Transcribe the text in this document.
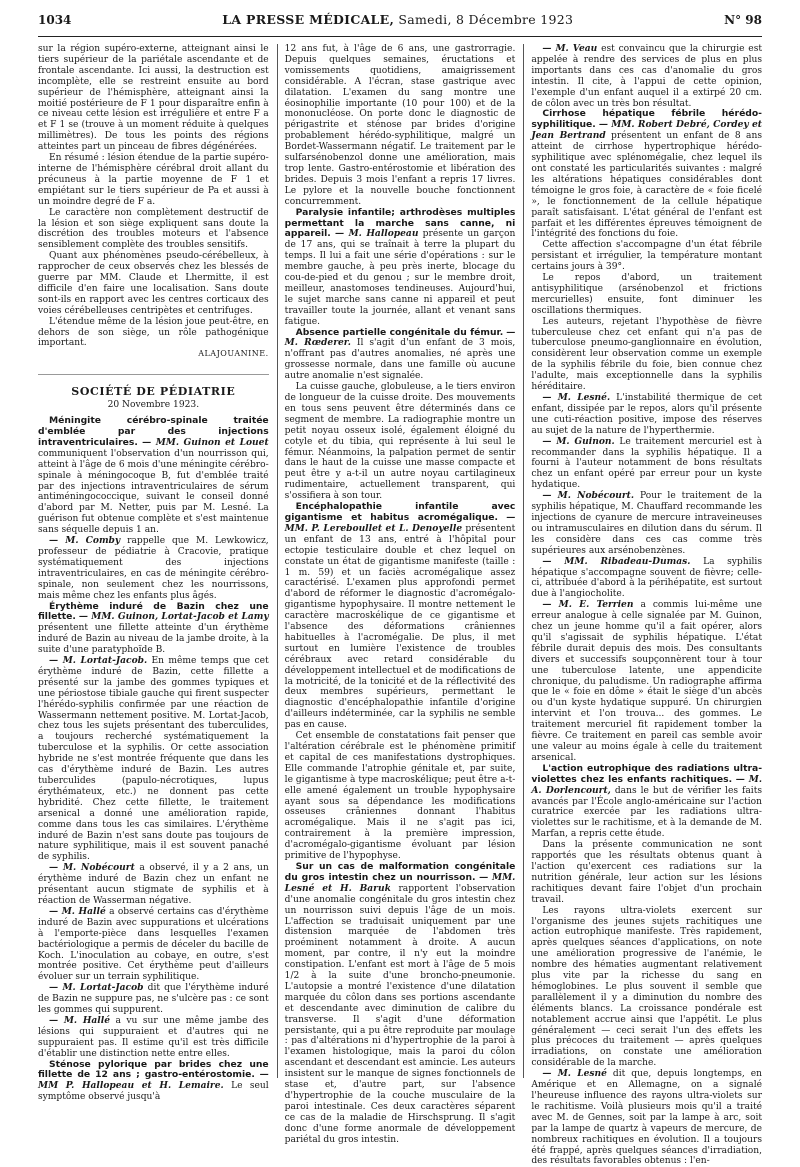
1034	LA PRESSE MÉDICALE, Samedi, 8 Décembre 1923	N° 98

sur la région supéro-externe, atteignant ainsi le tiers supérieur de la pariétale ascendante et de frontale ascendante. Ici aussi, la destruction est incomplète, elle se restreint ensuite au bord supérieur de l'hémisphère, atteignant ainsi la moitié postérieure de F 1 pour disparaître enfin à ce niveau cette lésion est irrégulière et entre F a et F 1 se (trouve à un moment réduite à quelques millimètres). De tous les points des régions atteintes part un pinceau de fibres dégénérées.

En résumé : lésion étendue de la partie supéro-interne de l'hémisphère cérébral droit allant du précuneus à la partie moyenne de F 1 et empiétant sur le tiers supérieur de Pa et aussi à un moindre degré de F a.

Le caractère non complètement destructif de la lésion et son siège expliquent sans doute la discrétion des troubles moteurs et l'absence sensiblement complète des troubles sensitifs.

Quant aux phénomènes pseudo-cérébelleux, à rapprocher de ceux observés chez les blessés de guerre par MM. Claude et Lhermitte, il est difficile d'en faire une localisation. Sans doute sont-ils en rapport avec les centres corticaux des voies cérébelleuses centripètes et centrifuges.

L'étendue même de la lésion joue peut-être, en dehors de son siège, un rôle pathogénique important.

ALAJOUANINE.
SOCIÉTÉ DE PÉDIATRIE
20 Novembre 1923.

Méningite cérébro-spinale traitée d'emblée par des injections intraventriculaires. — MM. Guinon et Louet communiquent l'observation d'un nourrisson qui, atteint à l'âge de 6 mois d'une méningite cérébro-spinale à méningocoque B, fut d'emblée traité par des injections intraventriculaires de sérum antiméningococcique, suivant le conseil donné d'abord par M. Netter, puis par M. Lesné. La guérison fut obtenue complète et s'est maintenue sans séquelle depuis 1 an.

— M. Comby rappelle que M. Lewkowicz, professeur de pédiatrie à Cracovie, pratique systématiquement des injections intraventriculaires, en cas de méningite cérébro-spinale, non seulement chez les nourrissons, mais même chez les enfants plus âgés.

Érythème induré de Bazin chez une fillette. — MM. Guinon, Lortat-Jacob et Lamy présentent une fillette atteinte d'un érythème induré de Bazin au niveau de la jambe droite, à la suite d'une paratyphoïde B.

— M. Lortat-Jacob. En même temps que cet érythème induré de Bazin, cette fillette a présenté sur la jambe des gommes typiques et une périostose tibiale gauche qui firent suspecter l'hérédo-syphilis confirmée par une réaction de Wassermann nettement positive. M. Lortat-Jacob, chez tous les sujets présentant des tuberculides, a toujours recherché systématiquement la tuberculose et la syphilis. Or cette association hybride ne s'est montrée fréquente que dans les cas d'érythème induré de Bazin. Les autres tuberculides (papulo-nécrotiques, lupus érythémateux, etc.) ne donnent pas cette hybridité. Chez cette fillette, le traitement arsenical a donné une amélioration rapide, comme dans tous les cas similaires. L'érythème induré de Bazin n'est sans doute pas toujours de nature syphilitique, mais il est souvent panaché de syphilis.

— M. Nobécourt a observé, il y a 2 ans, un érythème induré de Bazin chez un enfant ne présentant aucun stigmate de syphilis et à réaction de Wasserman négative.

— M. Hallé a observé certains cas d'érythème induré de Bazin avec suppurations et ulcérations à l'emporte-pièce dans lesquelles l'examen bactériologique a permis de déceler du bacille de Koch. L'inoculation au cobaye, en outre, s'est montrée positive. Cet érythème peut d'ailleurs évoluer sur un terrain syphilitique.

— M. Lortat-Jacob dit que l'érythème induré de Bazin ne suppure pas, ne s'ulcère pas : ce sont les gommes qui suppurent.

— M. Hallé a vu sur une même jambe des lésions qui suppuraient et d'autres qui ne suppuraient pas. Il estime qu'il est très difficile d'établir une distinction nette entre elles.

Sténose pylorique par brides chez une fillette de 12 ans ; gastro-entérostomie. — MM P. Hallopeau et H. Lemaire. Le seul symptôme observé jusqu'à

12 ans fut, à l'âge de 6 ans, une gastrorragie. Depuis quelques semaines, éructations et vomissements quotidiens, amaigrissement considérable. A l'écran, stase gastrique avec dilatation. L'examen du sang montre une éosinophilie importante (10 pour 100) et de la mononucléose. On porte donc le diagnostic de périgastrite et sténose par brides d'origine probablement hérédo-syphilitique, malgré un Bordet-Wassermann négatif. Le traitement par le sulfarsénobenzol donne une amélioration, mais trop lente. Gastro-entérostomie et libération des brides. Depuis 3 mois l'enfant a repris 17 livres. Le pylore et la nouvelle bouche fonctionnent concurremment.

Paralysie infantile; arthrodèses multiples permettant la marche sans canne, ni appareil. — M. Hallopeau présente un garçon de 17 ans, qui se traînait à terre la plupart du temps. Il lui a fait une série d'opérations : sur le membre gauche, à peu près inerte, blocage du cou-de-pied et du genou ; sur le membre droit, meilleur, anastomoses tendineuses. Aujourd'hui, le sujet marche sans canne ni appareil et peut travailler toute la journée, allant et venant sans fatigue.

Absence partielle congénitale du fémur. — M. Rœderer. Il s'agit d'un enfant de 3 mois, n'offrant pas d'autres anomalies, né après une grossesse normale, dans une famille où aucune autre anomalie n'est signalée.

La cuisse gauche, globuleuse, a le tiers environ de longueur de la cuisse droite. Des mouvements en tous sens peuvent être déterminés dans ce segment de membre. La radiographie montre un petit noyau osseux isolé, également éloigné du cotyle et du tibia, qui représente à lui seul le fémur. Néanmoins, la palpation permet de sentir dans le haut de la cuisse une masse compacte et peut être y a-t-il un autre noyau cartilagineux rudimentaire, actuellement transparent, qui s'ossifiera à son tour.

Encéphalopathie infantile avec gigantisme et habitus acromégalique. — MM. P. Lereboullet et L. Denoyelle présentent un enfant de 13 ans, entré à l'hôpital pour ectopie testiculaire double et chez lequel on constate un état de gigantisme manifeste (taille : 1 m. 59) et un faciès acromégalique assez caractérisé. L'examen plus approfondi permet d'abord de réformer le diagnostic d'acromégalo-gigantisme hypophysaire. Il montre nettement le caractère macroskélique de ce gigantisme et l'absence des déformations crâniennes habituelles à l'acromégalie. De plus, il met surtout en lumière l'existence de troubles cérébraux avec retard considérable du développement intellectuel et de modifications de la motricité, de la tonicité et de la réflectivité des deux membres supérieurs, permettant le diagnostic d'encéphalopathie infantile d'origine d'ailleurs indéterminée, car la syphilis ne semble pas en cause.

Cet ensemble de constatations fait penser que l'altération cérébrale est le phénomène primitif et capital de ces manifestations dystrophiques. Elle commande l'atrophie génitale et, par suite, le gigantisme à type macroskélique; peut être a-t-elle amené également un trouble hypophysaire ayant sous sa dépendance les modifications osseuses crâniennes donnant l'habitus acromégalique. Mais il ne s'agit pas ici, contrairement à la première impression, d'acromégalo-gigantisme évoluant par lésion primitive de l'hypophyse.

Sur un cas de malformation congénitale du gros intestin chez un nourrisson. — MM. Lesné et H. Baruk rapportent l'observation d'une anomalie congénitale du gros intestin chez un nourrisson suivi depuis l'âge de un mois. L'affection se traduisait uniquement par une distension marquée de l'abdomen très proéminent notamment à droite. A aucun moment, par contre, il n'y eut la moindre constipation. L'enfant est mort à l'âge de 5 mois 1/2 à la suite d'une broncho-pneumonie. L'autopsie a montré l'existence d'une dilatation marquée du côlon dans ses portions ascendante et descendante avec diminution de calibre du transverse. Il s'agit d'une déformation persistante, qui a pu être reproduite par moulage : pas d'altérations ni d'hypertrophie de la paroi à l'examen histologique, mais la paroi du côlon ascendant et descendant est amincie. Les auteurs insistent sur le manque de signes fonctionnels de stase et, d'autre part, sur l'absence d'hypertrophie de la couche musculaire de la paroi intestinale. Ces deux caractères séparent ce cas de la maladie de Hirschsprung. Il s'agit donc d'une forme anormale de développement pariétal du gros intestin.

— M. Veau est convaincu que la chirurgie est appelée à rendre des services de plus en plus importants dans ces cas d'anomalie du gros intestin. Il cite, à l'appui de cette opinion, l'exemple d'un enfant auquel il a extirpé 20 cm. de côlon avec un très bon résultat.

Cirrhose hépatique fébrile hérédo-syphilitique. — MM. Robert Debré, Cordey et Jean Bertrand présentent un enfant de 8 ans atteint de cirrhose hypertrophique hérédo-syphilitique avec splénomégalie, chez lequel ils ont constaté les particularités suivantes : malgré les altérations hépatiques considérables dont témoigne le gros foie, à caractère de « foie ficelé », le fonctionnement de la cellule hépatique paraît satisfaisant. L'état général de l'enfant est parfait et les différentes épreuves témoignent de l'intégrité des fonctions du foie.

Cette affection s'accompagne d'un état fébrile persistant et irrégulier, la température montant certains jours à 39°.

Le repos d'abord, un traitement antisyphilitique (arsénobenzol et frictions mercurielles) ensuite, font diminuer les oscillations thermiques.

Les auteurs, rejetant l'hypothèse de fièvre tuberculeuse chez cet enfant qui n'a pas de tuberculose pneumo-ganglionnaire en évolution, considèrent leur observation comme un exemple de la syphilis fébrile du foie, bien connue chez l'adulte, mais exceptionnelle dans la syphilis héréditaire.

— M. Lesné. L'instabilité thermique de cet enfant, dissipée par le repos, alors qu'il présente une cuti-réaction positive, impose des réserves au sujet de la nature de l'hyperthermie.

— M. Guinon. Le traitement mercuriel est à recommander dans la syphilis hépatique. Il a fourni à l'auteur notamment de bons résultats chez un enfant opéré par erreur pour un kyste hydatique.

— M. Nobécourt. Pour le traitement de la syphilis hépatique, M. Chauffard recommande les injections de cyanure de mercure intraveineuses ou intramusculaires en dilution dans du sérum. Il les considère dans ces cas comme très supérieures aux arsénobenzènes.

— MM. Ribadeau-Dumas. La syphilis hépatique s'accompagne souvent de fièvre; celle-ci, attribuée d'abord à la périhépatite, est surtout due à l'angiocholite.

— M. E. Terrien a commis lui-même une erreur analogue à celle signalée par M. Guinon, chez un jeune homme qu'il a fait opérer, alors qu'il s'agissait de syphilis hépatique. L'état fébrile durait depuis des mois. Des consultants divers et successifs soupçonnèrent tour à tour une tuberculose latente, une appendicite chronique, du paludisme. Un radiographe affirma que le « foie en dôme » était le siège d'un abcès ou d'un kyste hydatique suppuré. Un chirurgien intervint et l'on trouva... des gommes. Le traitement mercuriel fit rapidement tomber la fièvre. Ce traitement en pareil cas semble avoir une valeur au moins égale à celle du traitement arsenical.

L'action eutrophique des radiations ultra-violettes chez les enfants rachitiques. — M. A. Dorlencourt, dans le but de vérifier les faits avancés par l'École anglo-américaine sur l'action curatrice exercée par les radiations ultra-violettes sur le rachitisme, et à la demande de M. Marfan, a repris cette étude.

Dans la présente communication ne sont rapportés que les résultats obtenus quant à l'action qu'exercent ces radiations sur la nutrition générale, leur action sur les lésions rachitiques devant faire l'objet d'un prochain travail.

Les rayons ultra-violets exercent sur l'organisme des jeunes sujets rachitiques une action eutrophique manifeste. Très rapidement, après quelques séances d'applications, on note une amélioration progressive de l'anémie, le nombre des hématies augmentant relativement plus vite par la richesse du sang en hémoglobines. Le plus souvent il semble que parallèlement il y a diminution du nombre des éléments blancs. La croissance pondérale est notablement accrue ainsi que l'appétit. Le plus généralement — ceci serait l'un des effets les plus précoces du traitement — après quelques irradiations, on constate une amélioration considérable de la marche.

— M. Lesné dit que, depuis longtemps, en Amérique et en Allemagne, on a signalé l'heureuse influence des rayons ultra-violets sur le rachitisme. Voilà plusieurs mois qu'il a traité avec M. de Gennes, soit par la lampe à arc, soit par la lampe de quartz à vapeurs de mercure, de nombreux rachitiques en évolution. Il a toujours été frappé, après quelques séances d'irradiation, des résultats favorables obtenus : l'en-
